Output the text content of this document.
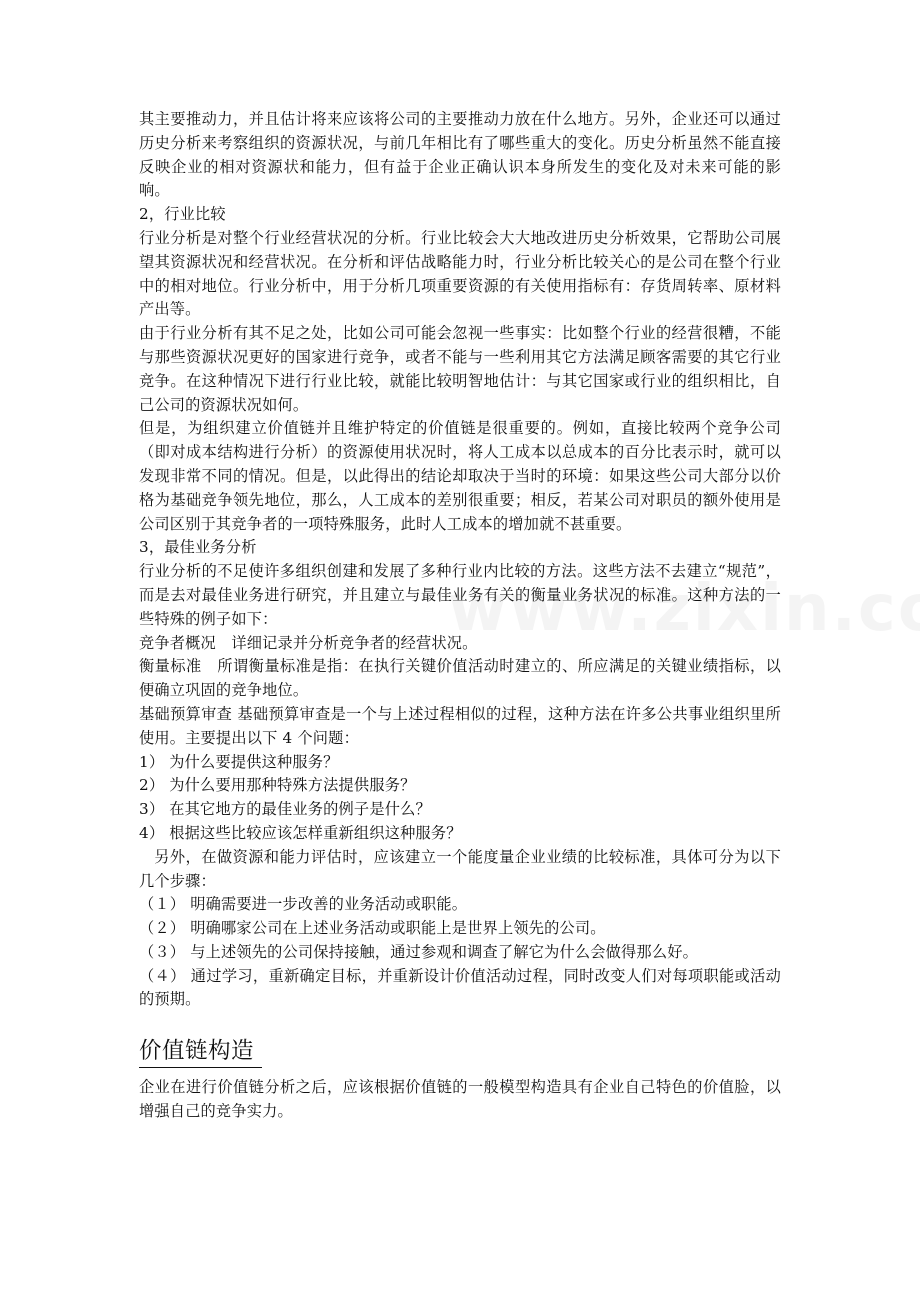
其主要推动力，并且估计将来应该将公司的主要推动力放在什么地方。另外，企业还可以通过历史分析来考察组织的资源状况，与前几年相比有了哪些重大的变化。历史分析虽然不能直接反映企业的相对资源状和能力，但有益于企业正确认识本身所发生的变化及对未来可能的影响。

2，行业比较

行业分析是对整个行业经营状况的分析。行业比较会大大地改进历史分析效果，它帮助公司展望其资源状况和经营状况。在分析和评估战略能力时，行业分析比较关心的是公司在整个行业中的相对地位。行业分析中，用于分析几项重要资源的有关使用指标有：存货周转率、原材料产出等。

由于行业分析有其不足之处，比如公司可能会忽视一些事实：比如整个行业的经营很糟，不能与那些资源状况更好的国家进行竞争，或者不能与一些利用其它方法满足顾客需要的其它行业竞争。在这种情况下进行行业比较，就能比较明智地估计：与其它国家或行业的组织相比，自己公司的资源状况如何。

但是，为组织建立价值链并且维护特定的价值链是很重要的。例如，直接比较两个竞争公司（即对成本结构进行分析）的资源使用状况时，将人工成本以总成本的百分比表示时，就可以发现非常不同的情况。但是，以此得出的结论却取决于当时的环境：如果这些公司大部分以价格为基础竞争领先地位，那么，人工成本的差别很重要；相反，若某公司对职员的额外使用是公司区别于其竞争者的一项特殊服务，此时人工成本的增加就不甚重要。

3，最佳业务分析

行业分析的不足使许多组织创建和发展了多种行业内比较的方法。这些方法不去建立“规范”，而是去对最佳业务进行研究，并且建立与最佳业务有关的衡量业务状况的标准。这种方法的一些特殊的例子如下：

竞争者概况　详细记录并分析竞争者的经营状况。

衡量标准　所谓衡量标准是指：在执行关键价值活动时建立的、所应满足的关键业绩指标，以便确立巩固的竞争地位。

基础预算审查 基础预算审查是一个与上述过程相似的过程，这种方法在许多公共事业组织里所使用。主要提出以下 4 个问题：

1） 为什么要提供这种服务？

2） 为什么要用那种特殊方法提供服务？

3） 在其它地方的最佳业务的例子是什么？

4） 根据这些比较应该怎样重新组织这种服务？

另外，在做资源和能力评估时，应该建立一个能度量企业业绩的比较标准，具体可分为以下几个步骤：

（１） 明确需要进一步改善的业务活动或职能。

（２） 明确哪家公司在上述业务活动或职能上是世界上领先的公司。

（３） 与上述领先的公司保持接触，通过参观和调查了解它为什么会做得那么好。

（４） 通过学习，重新确定目标，并重新设计价值活动过程，同时改变人们对每项职能或活动的预期。

价值链构造

企业在进行价值链分析之后，应该根据价值链的一般模型构造具有企业自己特色的价值脸，以增强自己的竞争实力。
